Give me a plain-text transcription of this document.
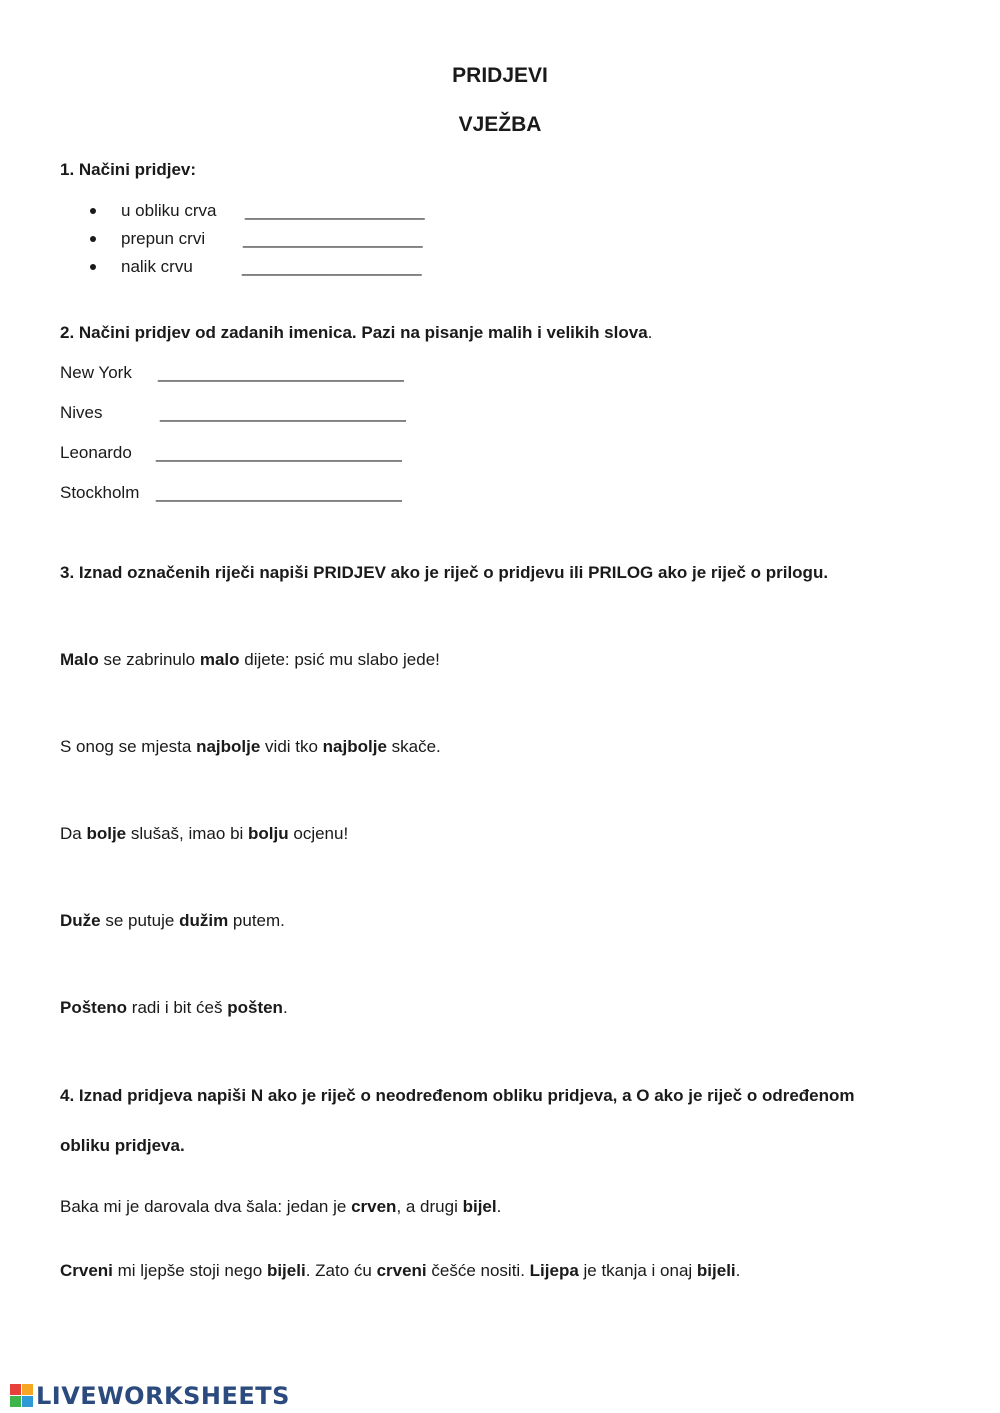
PRIDJEVI
VJEŽBA
1. Načini pridjev:
u obliku crva ___________________
prepun crvi ___________________
nalik crvu	___________________
2. Načini pridjev od zadanih imenica. Pazi na pisanje malih i velikih slova.
New York __________________________
Nives	__________________________
Leonardo __________________________
Stockholm __________________________
3. Iznad označenih riječi napiši PRIDJEV ako je riječ o pridjevu ili PRILOG ako je riječ o prilogu.
Malo se zabrinulo malo dijete: psić mu slabo jede!
S onog se mjesta najbolje vidi tko najbolje skače.
Da bolje slušaš, imao bi bolju ocjenu!
Duže se putuje dužim putem.
Pošteno radi i bit ćeš pošten.
4. Iznad pridjeva napiši N ako je riječ o neodređenom obliku pridjeva, a O ako je riječ o određenom
obliku pridjeva.
Baka mi je darovala dva šala: jedan je crven, a drugi bijel.
Crveni mi ljepše stoji nego bijeli. Zato ću crveni češće nositi. Lijepa je tkanja i onaj bijeli.
LIVEWORKSHEETS
